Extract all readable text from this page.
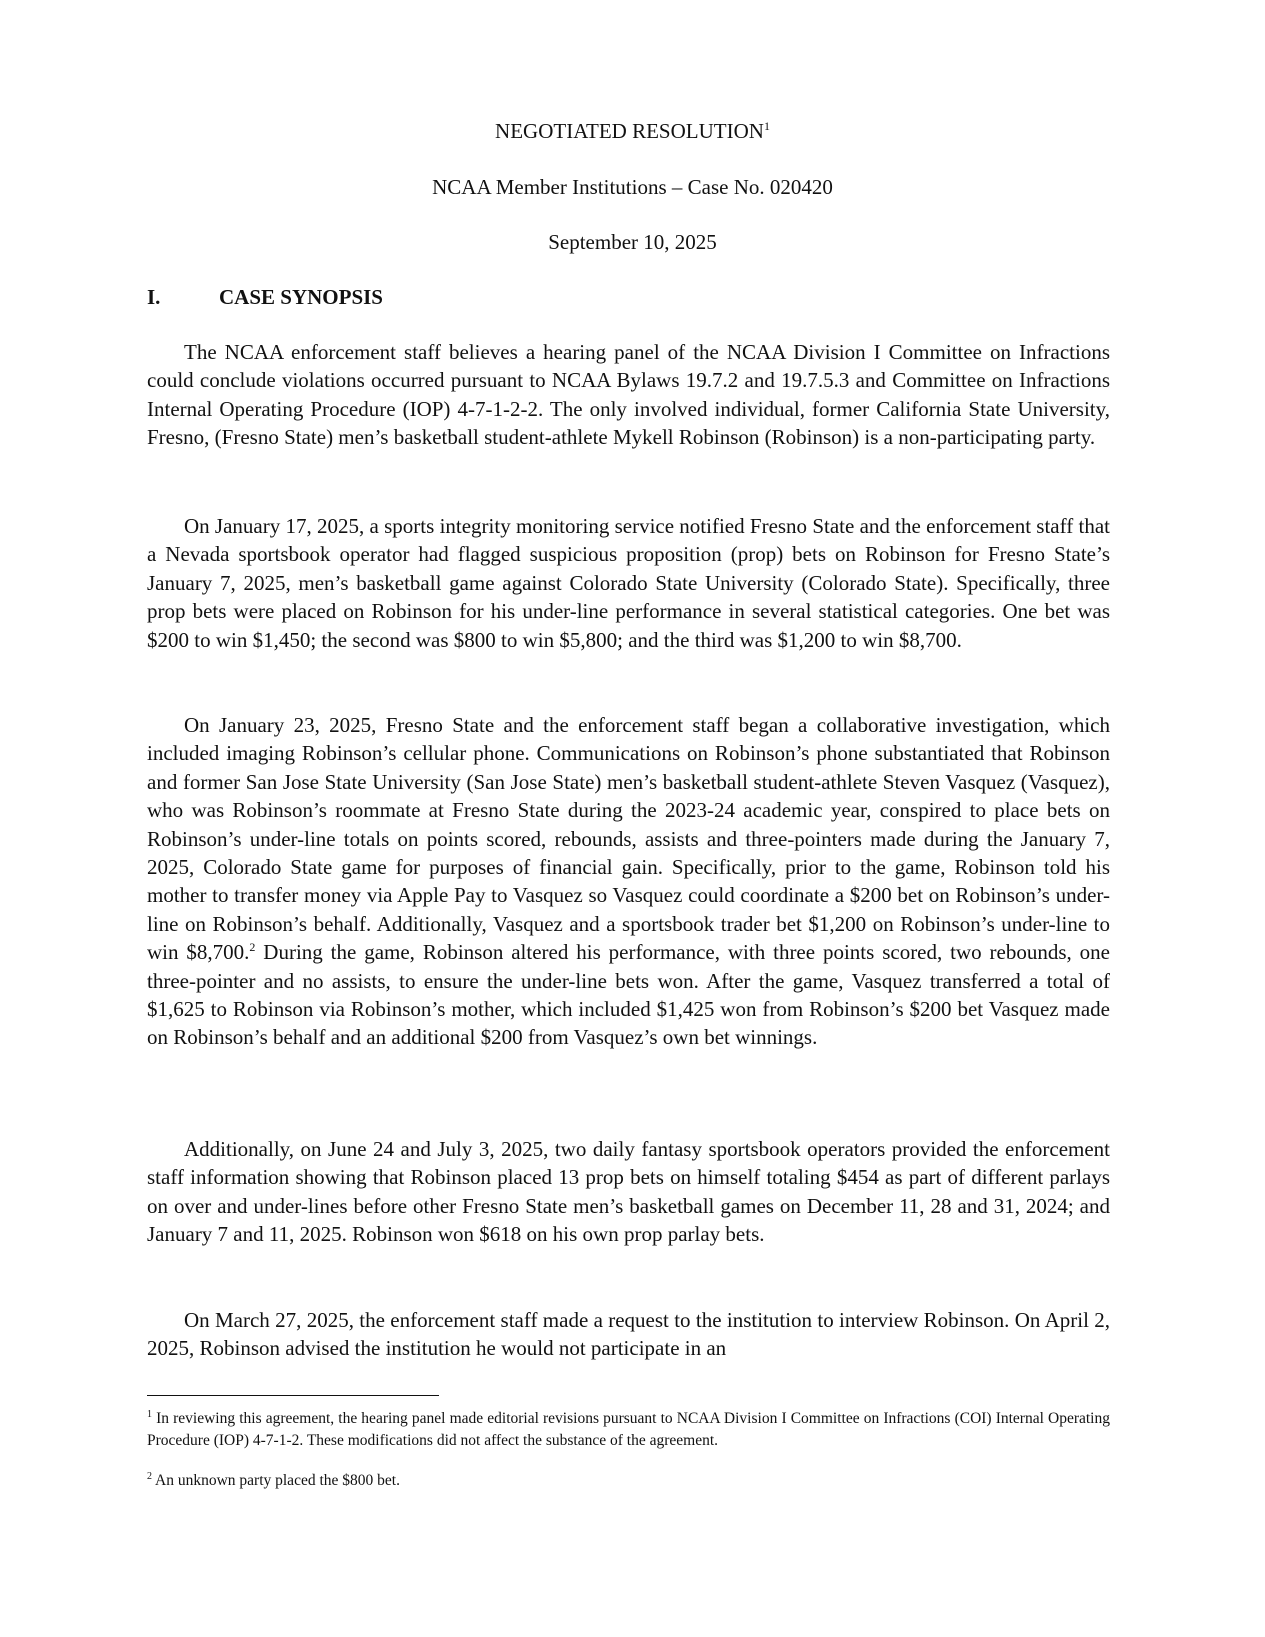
NEGOTIATED RESOLUTION$^1$
NCAA Member Institutions – Case No. 020420
September 10, 2025
I.	CASE SYNOPSIS

The NCAA enforcement staff believes a hearing panel of the NCAA Division I Committee on Infractions could conclude violations occurred pursuant to NCAA Bylaws 19.7.2 and 19.7.5.3 and Committee on Infractions Internal Operating Procedure (IOP) 4-7-1-2-2. The only involved individual, former California State University, Fresno, (Fresno State) men’s basketball student-athlete Mykell Robinson (Robinson) is a non-participating party.

On January 17, 2025, a sports integrity monitoring service notified Fresno State and the enforcement staff that a Nevada sportsbook operator had flagged suspicious proposition (prop) bets on Robinson for Fresno State’s January 7, 2025, men’s basketball game against Colorado State University (Colorado State). Specifically, three prop bets were placed on Robinson for his under-line performance in several statistical categories. One bet was $200 to win $1,450; the second was $800 to win $5,800; and the third was $1,200 to win $8,700.

On January 23, 2025, Fresno State and the enforcement staff began a collaborative investigation, which included imaging Robinson’s cellular phone. Communications on Robinson’s phone substantiated that Robinson and former San Jose State University (San Jose State) men’s basketball student-athlete Steven Vasquez (Vasquez), who was Robinson’s roommate at Fresno State during the 2023-24 academic year, conspired to place bets on Robinson’s under-line totals on points scored, rebounds, assists and three-pointers made during the January 7, 2025, Colorado State game for purposes of financial gain. Specifically, prior to the game, Robinson told his mother to transfer money via Apple Pay to Vasquez so Vasquez could coordinate a $200 bet on Robinson’s under-line on Robinson’s behalf. Additionally, Vasquez and a sportsbook trader bet $1,200 on Robinson’s under-line to win $8,700.$^2$ During the game, Robinson altered his performance, with three points scored, two rebounds, one three-pointer and no assists, to ensure the under-line bets won. After the game, Vasquez transferred a total of $1,625 to Robinson via Robinson’s mother, which included $1,425 won from Robinson’s $200 bet Vasquez made on Robinson’s behalf and an additional $200 from Vasquez’s own bet winnings.

Additionally, on June 24 and July 3, 2025, two daily fantasy sportsbook operators provided the enforcement staff information showing that Robinson placed 13 prop bets on himself totaling $454 as part of different parlays on over and under-lines before other Fresno State men’s basketball games on December 11, 28 and 31, 2024; and January 7 and 11, 2025. Robinson won $618 on his own prop parlay bets.

On March 27, 2025, the enforcement staff made a request to the institution to interview Robinson. On April 2, 2025, Robinson advised the institution he would not participate in an

$^1$ In reviewing this agreement, the hearing panel made editorial revisions pursuant to NCAA Division I Committee on Infractions (COI) Internal Operating Procedure (IOP) 4-7-1-2. These modifications did not affect the substance of the agreement.

$^2$ An unknown party placed the $800 bet.
